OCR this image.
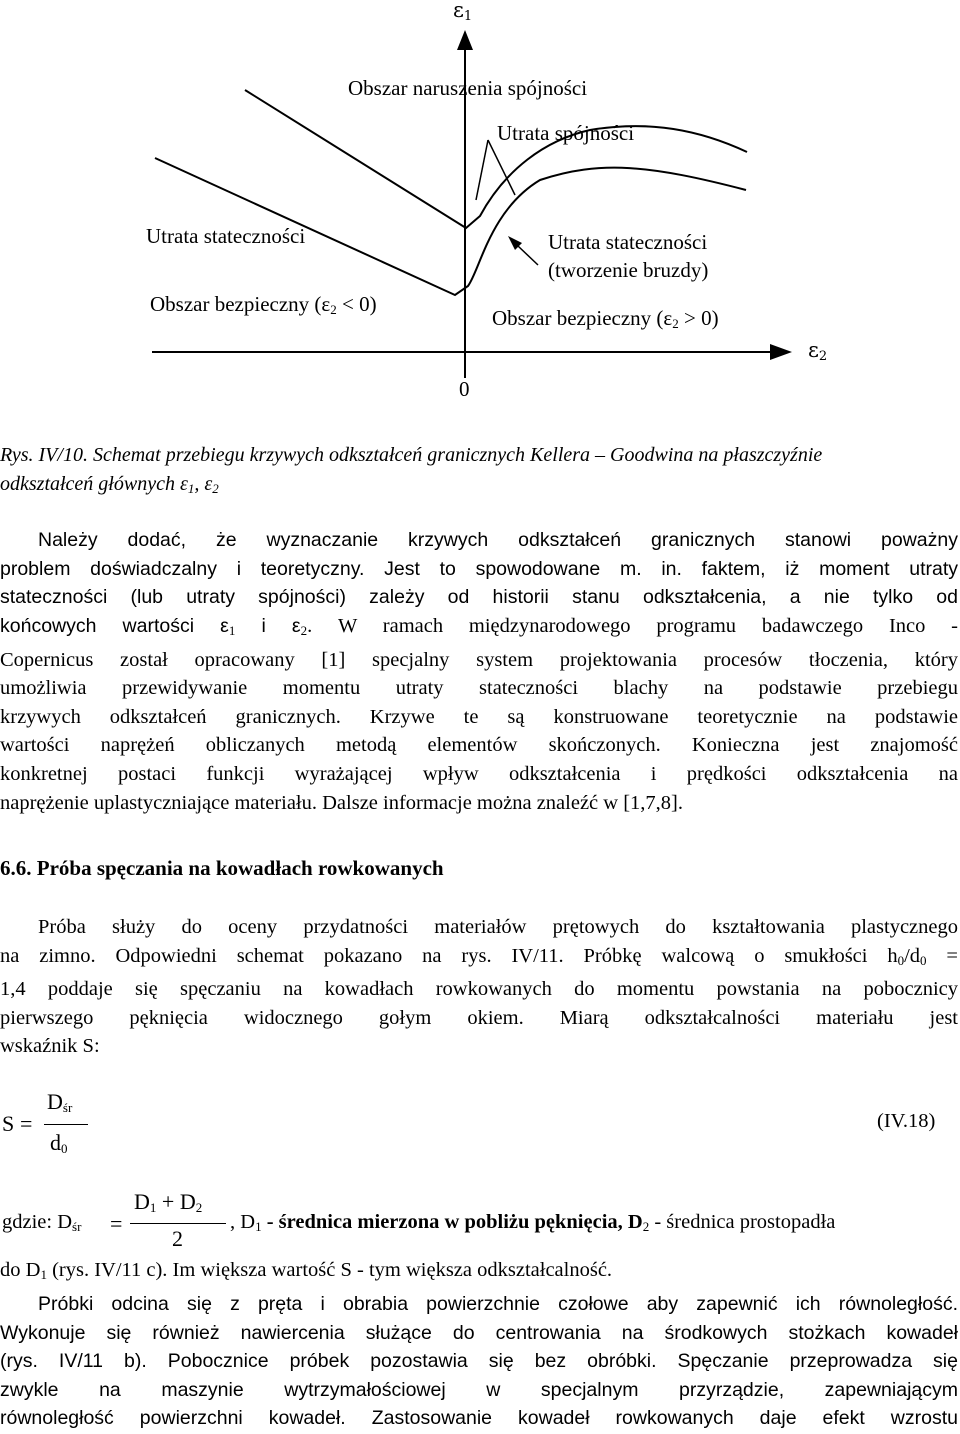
$\varepsilon_1$
Obszar naruszenia spójności
Utrata spójności
Utrata stateczności	Utrata stateczności
(tworzenie bruzdy)
Obszar bezpieczny $(\varepsilon_2 < 0)$
Obszar bezpieczny $(\varepsilon_2 > 0)$
$\varepsilon_2$
0
Rys. IV/10. Schemat przebiegu krzywych odkształceń granicznych Kellera – Goodwina na płaszczyźnie
odkształceń głównych $\varepsilon_1$, $\varepsilon_2$
Należy dodać, że wyznaczanie krzywych odkształceń granicznych stanowi poważny
problem doświadczalny i teoretyczny. Jest to spowodowane m. in. faktem, iż moment utraty
stateczności (lub utraty spójności) zależy od historii stanu odkształcenia, a nie tylko od
końcowych wartości $\varepsilon_1$ i $\varepsilon_2$. W ramach międzynarodowego programu badawczego Inco -
Copernicus został opracowany [1] specjalny system projektowania procesów tłoczenia, który
umożliwia przewidywanie momentu utraty stateczności blachy na podstawie przebiegu
krzywych odkształceń granicznych. Krzywe te są konstruowane teoretycznie na podstawie
wartości naprężeń obliczanych metodą elementów skończonych. Konieczna jest znajomość
konkretnej postaci funkcji wyrażającej wpływ odkształcenia i prędkości odkształcenia na
naprężenie uplastyczniające materiału. Dalsze informacje można znaleźć w [1,7,8].
6.6. Próba spęczania na kowadłach rowkowanych
Próba służy do oceny przydatności materiałów prętowych do kształtowania plastycznego
na zimno. Odpowiedni schemat pokazano na rys. IV/11. Próbkę walcową o smukłości $h_0/d_0$ =
1,4 poddaje się spęczaniu na kowadłach rowkowanych do momentu powstania na pobocznicy
pierwszego pęknięcia widocznego gołym okiem. Miarą odkształcalności materiału jest
wskaźnik S:
S =
$D_{śr}$
$d_0$
(IV.18)
gdzie: $D_{śr}$ =
$D_1 + D_2$
2
, $D_1$ - średnica mierzona w pobliżu pęknięcia, $D_2$ - średnica prostopadła
do $D_1$ (rys. IV/11 c). Im większa wartość S - tym większa odkształcalność.
Próbki odcina się z pręta i obrabia powierzchnie czołowe aby zapewnić ich równoległość.
Wykonuje się również nawiercenia służące do centrowania na środkowych stożkach kowadeł
(rys. IV/11 b). Pobocznice próbek pozostawia się bez obróbki. Spęczanie przeprowadza się
zwykle na maszynie wytrzymałościowej w specjalnym przyrządzie, zapewniającym
równoległość powierzchni kowadeł. Zastosowanie kowadeł rowkowanych daje efekt wzrostu
